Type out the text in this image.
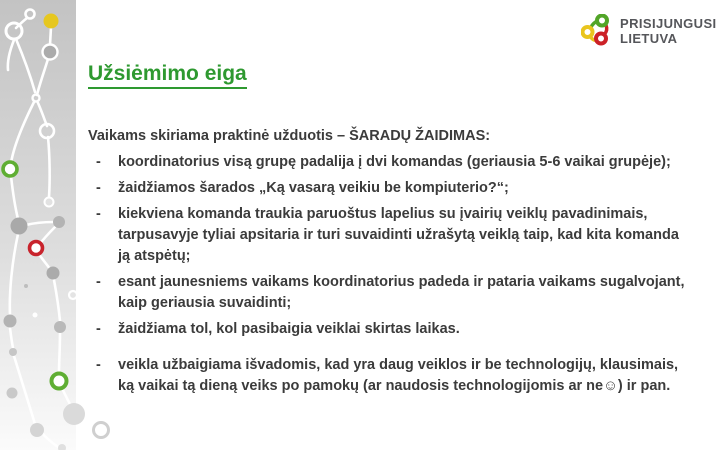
PRISIJUNGUSI
LIETUVA
Užsiėmimo eiga

Vaikams skiriama praktinė užduotis – ŠARADŲ ŽAIDIMAS:

- koordinatorius visą grupę padalija į dvi komandas (geriausia 5-6 vaikai grupėje);
- žaidžiamos šarados „Ką vasarą veikiu be kompiuterio?“;
- kiekviena komanda traukia paruoštus lapelius su įvairių veiklų pavadinimais, tarpusavyje tyliai apsitaria ir turi suvaidinti užrašytą veiklą taip, kad kita komanda ją atspėtų;
- esant jaunesniems vaikams koordinatorius padeda ir pataria vaikams sugalvojant, kaip geriausia suvaidinti;
- žaidžiama tol, kol pasibaigia veiklai skirtas laikas.
- veikla užbaigiama išvadomis, kad yra daug veiklos ir be technologijų, klausimais, ką vaikai tą dieną veiks po pamokų (ar naudosis technologijomis ar ne☺) ir pan.
